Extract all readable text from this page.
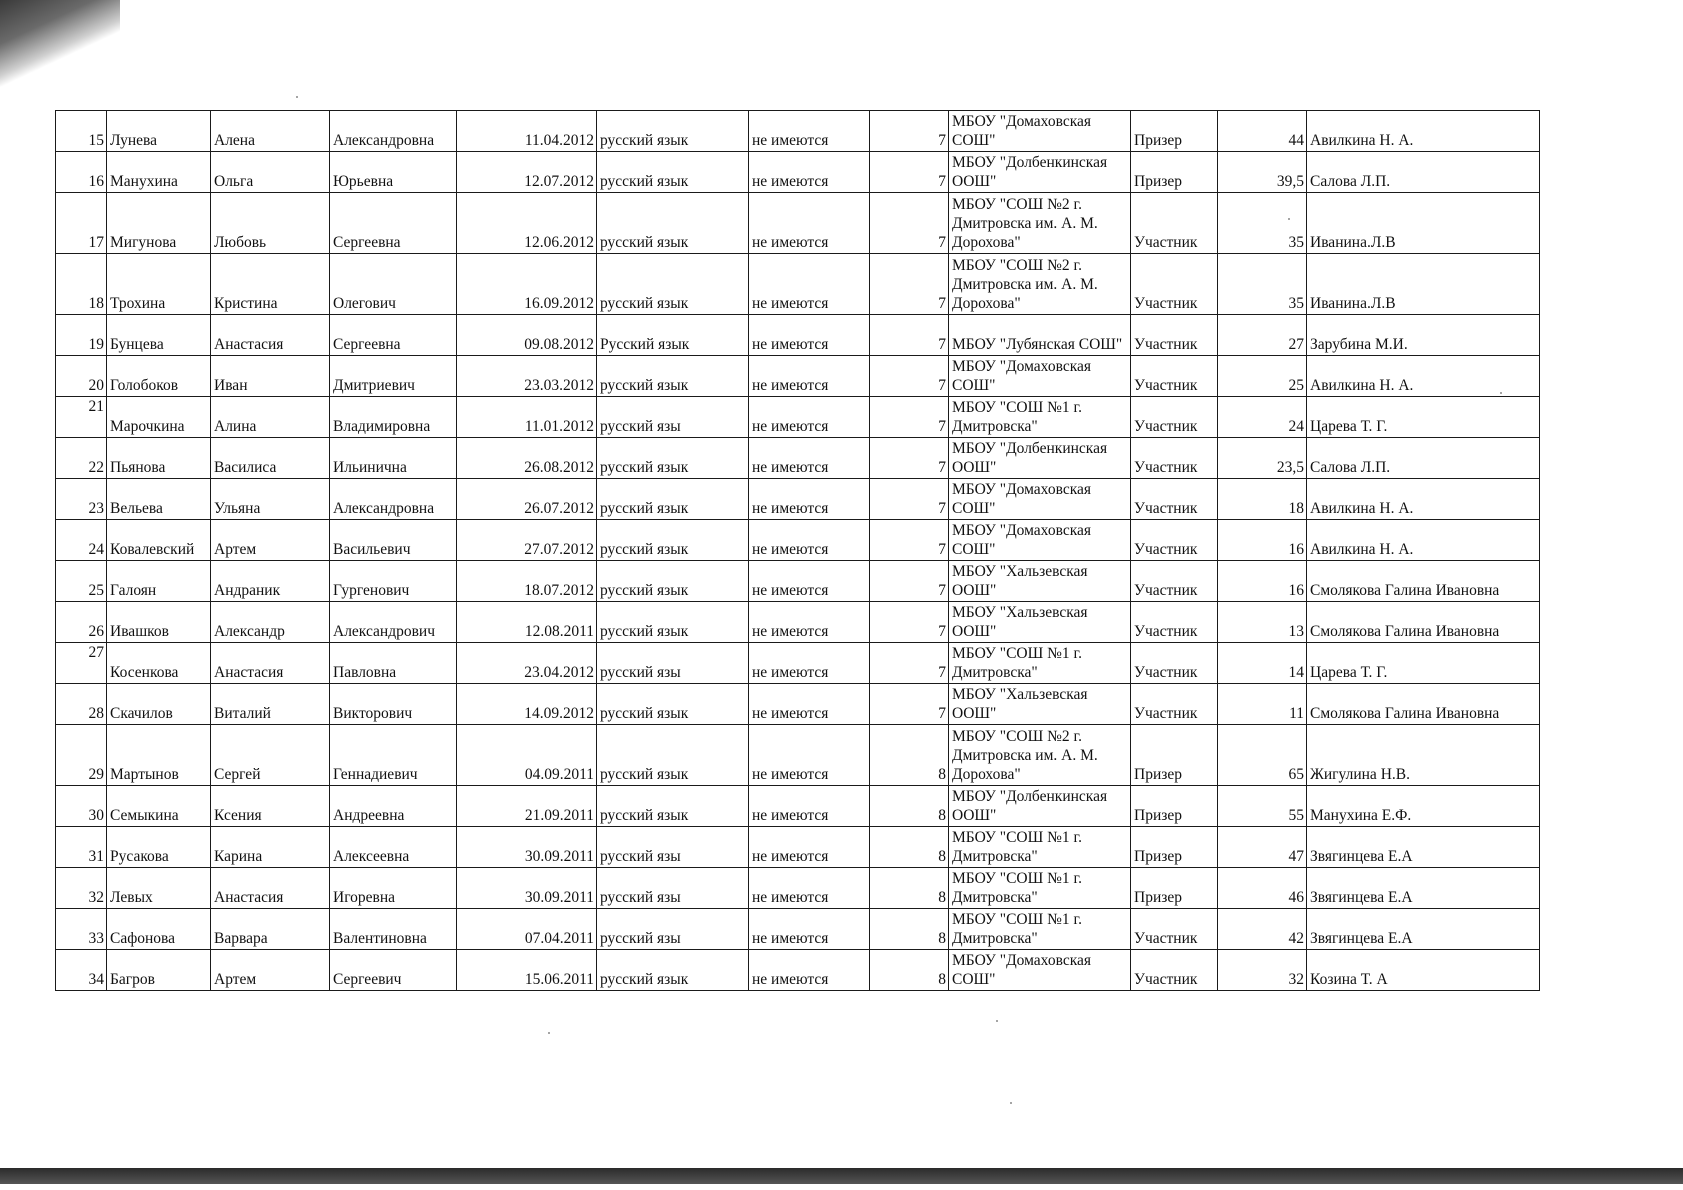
15	Лунева	Алена	Александровна	11.04.2012	русский язык	не имеются	7	МБОУ "Домаховская СОШ"	Призер	44	Авилкина Н. А.
16	Манухина	Ольга	Юрьевна	12.07.2012	русский язык	не имеются	7	МБОУ "Долбенкинская ООШ"	Призер	39,5	Салова Л.П.
17	Мигунова	Любовь	Сергеевна	12.06.2012	русский язык	не имеются	7	МБОУ "СОШ №2 г. Дмитровска им. А. М. Дорохова"	Участник	35	Иванина.Л.В
18	Трохина	Кристина	Олегович	16.09.2012	русский язык	не имеются	7	МБОУ "СОШ №2 г. Дмитровска им. А. М. Дорохова"	Участник	35	Иванина.Л.В
19	Бунцева	Анастасия	Сергеевна	09.08.2012	Русский язык	не имеются	7	МБОУ "Лубянская СОШ"	Участник	27	Зарубина М.И.
20	Голобоков	Иван	Дмитриевич	23.03.2012	русский язык	не имеются	7	МБОУ "Домаховская СОШ"	Участник	25	Авилкина Н. А.
21	Марочкина	Алина	Владимировна	11.01.2012	русский язы	не имеются	7	МБОУ "СОШ №1 г. Дмитровска"	Участник	24	Царева Т. Г.
22	Пьянова	Василиса	Ильинична	26.08.2012	русский язык	не имеются	7	МБОУ "Долбенкинская ООШ"	Участник	23,5	Салова Л.П.
23	Вельева	Ульяна	Александровна	26.07.2012	русский язык	не имеются	7	МБОУ "Домаховская СОШ"	Участник	18	Авилкина Н. А.
24	Ковалевский	Артем	Васильевич	27.07.2012	русский язык	не имеются	7	МБОУ "Домаховская СОШ"	Участник	16	Авилкина Н. А.
25	Галоян	Андраник	Гургенович	18.07.2012	русский язык	не имеются	7	МБОУ "Хальзевская ООШ"	Участник	16	Смолякова Галина Ивановна
26	Ивашков	Александр	Александрович	12.08.2011	русский язык	не имеются	7	МБОУ "Хальзевская ООШ"	Участник	13	Смолякова Галина Ивановна
27	Косенкова	Анастасия	Павловна	23.04.2012	русский язы	не имеются	7	МБОУ "СОШ №1 г. Дмитровска"	Участник	14	Царева Т. Г.
28	Скачилов	Виталий	Викторович	14.09.2012	русский язык	не имеются	7	МБОУ "Хальзевская ООШ"	Участник	11	Смолякова Галина Ивановна
29	Мартынов	Сергей	Геннадиевич	04.09.2011	русский язык	не имеются	8	МБОУ "СОШ №2 г. Дмитровска им. А. М. Дорохова"	Призер	65	Жигулина Н.В.
30	Семыкина	Ксения	Андреевна	21.09.2011	русский язык	не имеются	8	МБОУ "Долбенкинская ООШ"	Призер	55	Манухина Е.Ф.
31	Русакова	Карина	Алексеевна	30.09.2011	русский язы	не имеются	8	МБОУ "СОШ №1 г. Дмитровска"	Призер	47	Звягинцева Е.А
32	Левых	Анастасия	Игоревна	30.09.2011	русский язы	не имеются	8	МБОУ "СОШ №1 г. Дмитровска"	Призер	46	Звягинцева Е.А
33	Сафонова	Варвара	Валентиновна	07.04.2011	русский язы	не имеются	8	МБОУ "СОШ №1 г. Дмитровска"	Участник	42	Звягинцева Е.А
34	Багров	Артем	Сергеевич	15.06.2011	русский язык	не имеются	8	МБОУ "Домаховская СОШ"	Участник	32	Козина Т. А
